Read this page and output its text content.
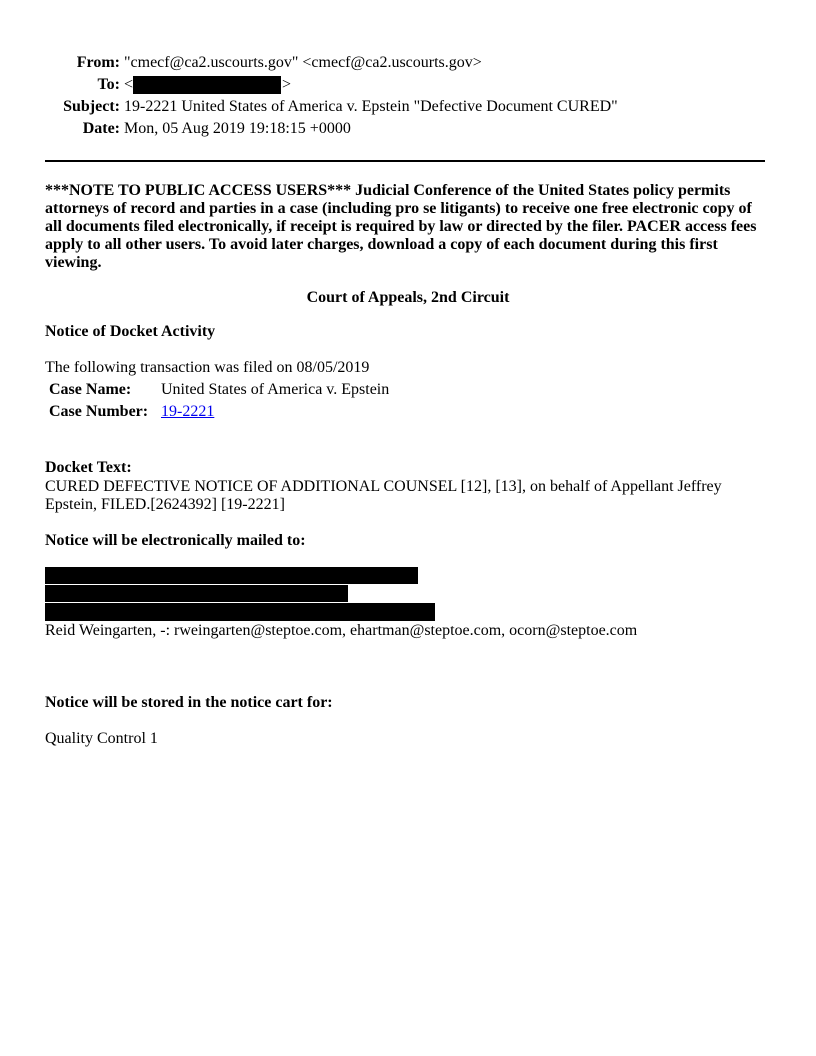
From: "cmecf@ca2.uscourts.gov" <cmecf@ca2.uscourts.gov>
To: <	>
Subject: 19-2221 United States of America v. Epstein "Defective Document CURED"
Date: Mon, 05 Aug 2019 19:18:15 +0000
***NOTE TO PUBLIC ACCESS USERS*** Judicial Conference of the United States policy permits attorneys of record and parties in a case (including pro se litigants) to receive one free electronic copy of all documents filed electronically, if receipt is required by law or directed by the filer. PACER access fees apply to all other users. To avoid later charges, download a copy of each document during this first viewing.
Court of Appeals, 2nd Circuit
Notice of Docket Activity
The following transaction was filed on 08/05/2019
Case Name: United States of America v. Epstein
Case Number: 19-2221
Docket Text:
CURED DEFECTIVE NOTICE OF ADDITIONAL COUNSEL [12], [13], on behalf of Appellant Jeffrey Epstein, FILED.[2624392] [19-2221]
Notice will be electronically mailed to:
Reid Weingarten, -: rweingarten@steptoe.com, ehartman@steptoe.com, ocorn@steptoe.com
Notice will be stored in the notice cart for:
Quality Control 1
